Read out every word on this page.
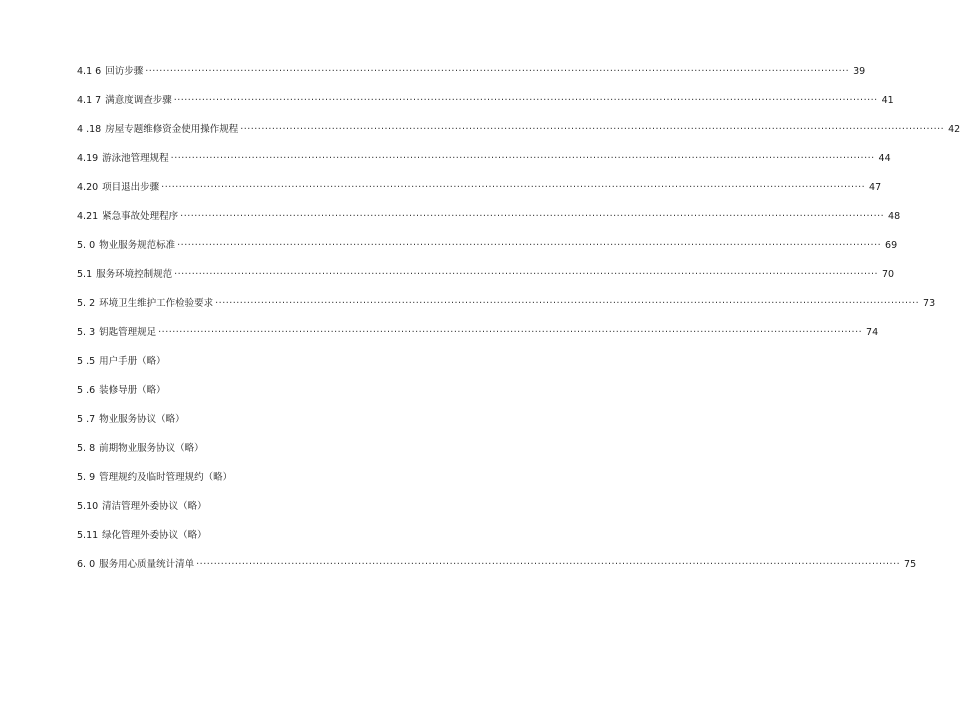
4.1 6 回访步骤 ········································································································································································································ 39
4.1 7 满意度调查步骤 ········································································································································································································ 41
4 .18 房屋专题维修资金使用操作规程 ········································································································································································································ 42
4.19 游泳池管理规程 ········································································································································································································ 44
4.20 项目退出步骤 ········································································································································································································ 47
4.21 紧急事故处理程序 ········································································································································································································ 48
5. 0 物业服务规范标准 ········································································································································································································ 69
5.1 服务环境控制规范 ········································································································································································································ 70
5. 2 环境卫生维护工作检验要求 ········································································································································································································ 73
5. 3 钥匙管理规足 ········································································································································································································ 74
5 .5 用户手册（略）
5 .6 装修导册（略）
5 .7 物业服务协议（略）
5. 8 前期物业服务协议（略）
5. 9 管理规约及临时管理规约（略）
5.10 清洁管理外委协议（略）
5.11 绿化管理外委协议（略）
6. 0 服务用心质量统计清单 ········································································································································································································ 75
